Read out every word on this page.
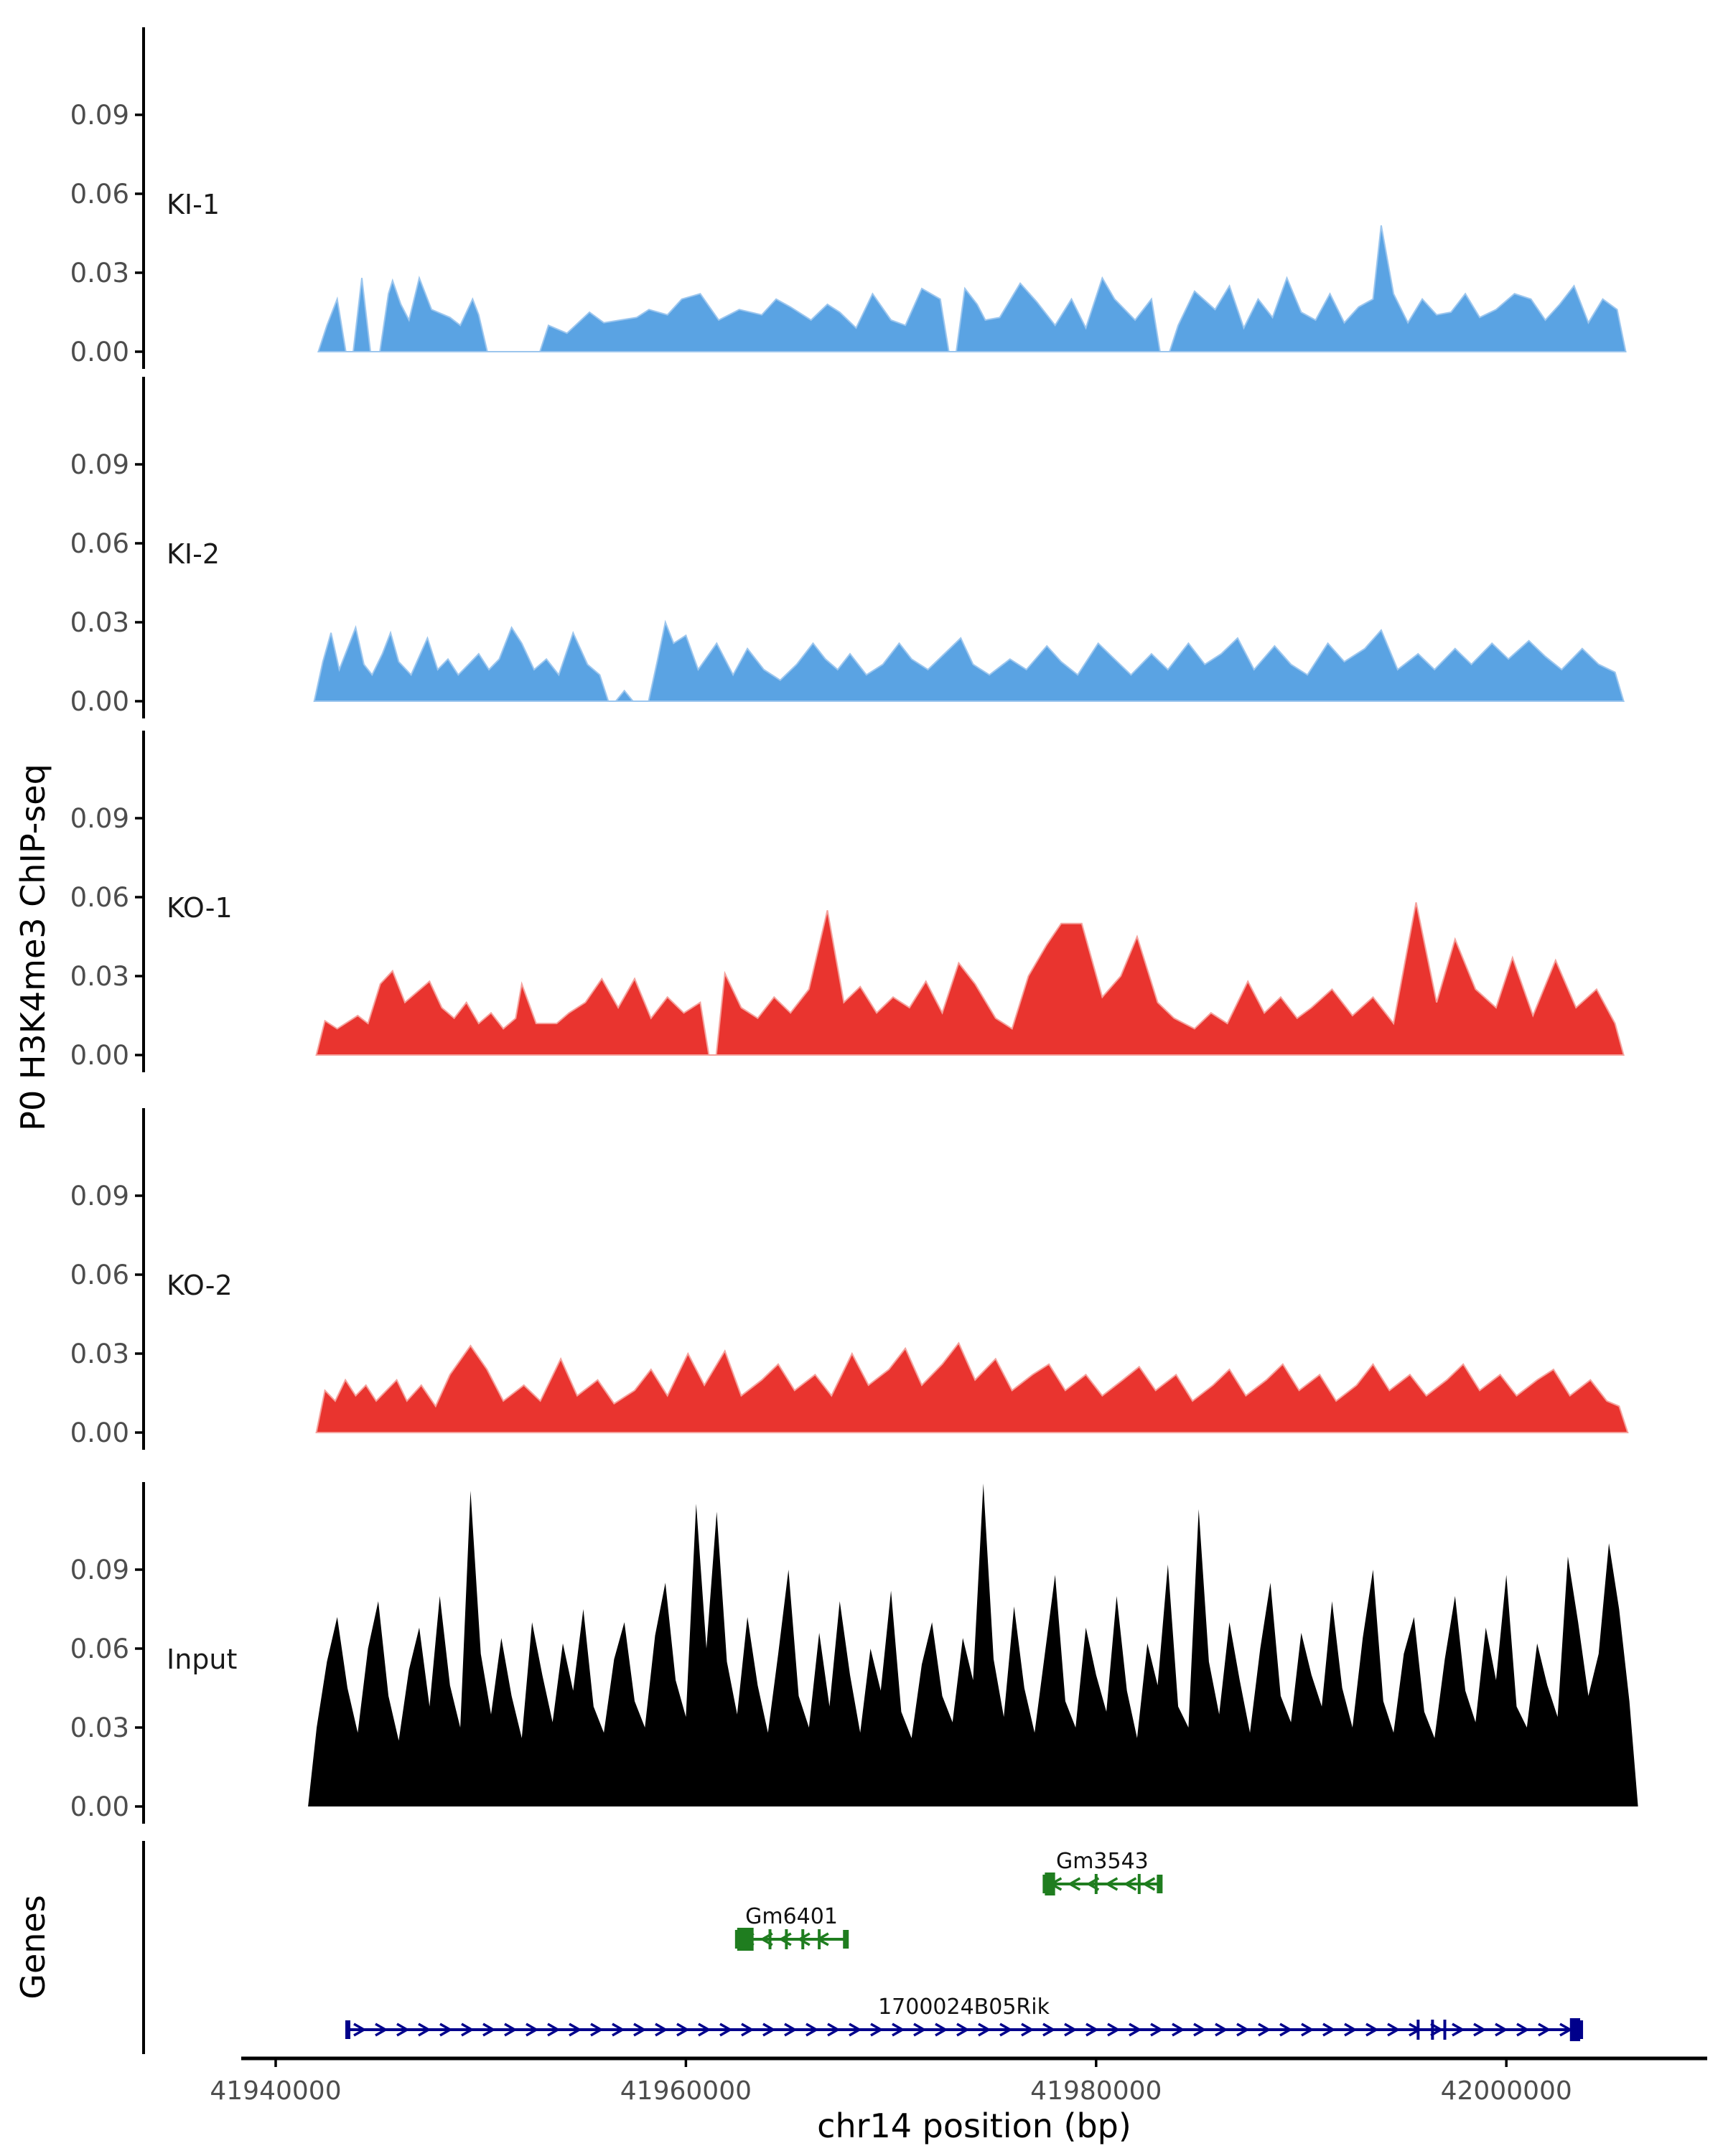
0.00
0.03
0.06
0.09
KI-1
0.00
0.03
0.06
0.09
KI-2
0.00
0.03
0.06
0.09
KO-1
0.00
0.03
0.06
0.09
KO-2
0.00
0.03
0.06
0.09
Input
Gm3543
Gm6401
1700024B05Rik
41940000	41960000	41980000	42000000
P0 H3K4me3 ChIP-seq
Genes
chr14 position (bp)
